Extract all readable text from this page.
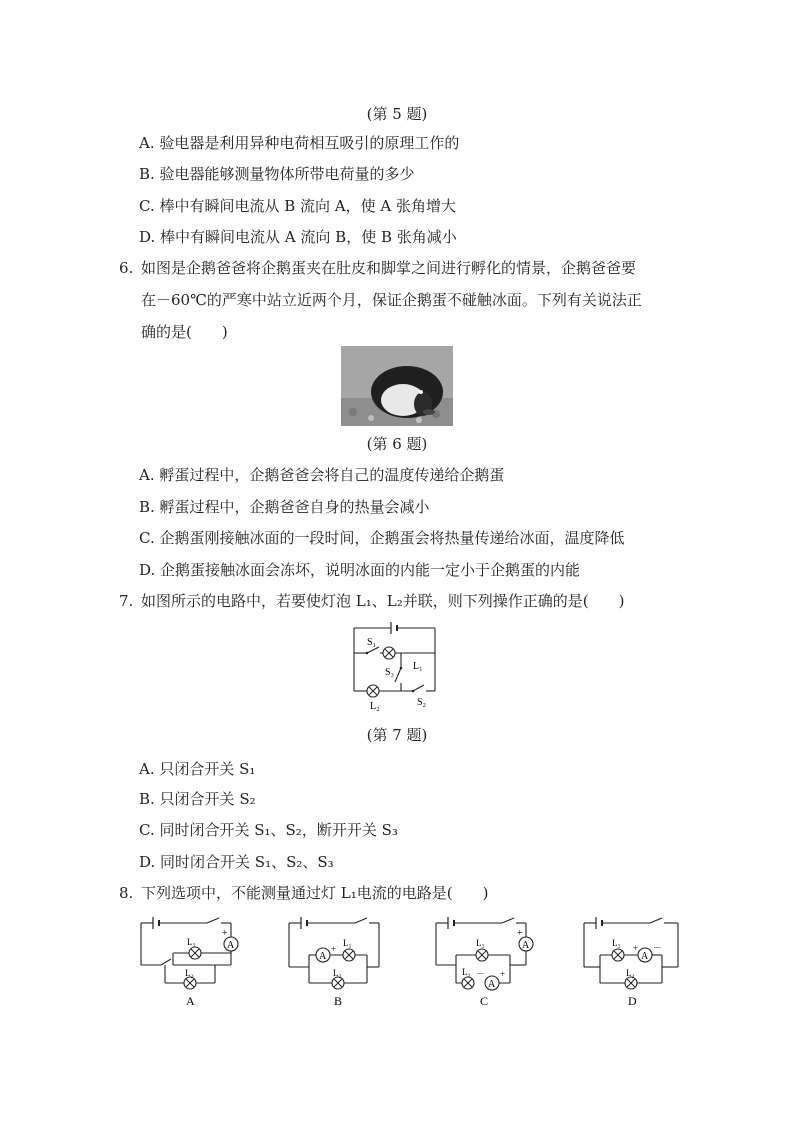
(第 5 题)
A. 验电器是利用异种电荷相互吸引的原理工作的
B. 验电器能够测量物体所带电荷量的多少
C. 棒中有瞬间电流从 B 流向 A，使 A 张角增大
D. 棒中有瞬间电流从 A 流向 B，使 B 张角减小
6. 如图是企鹅爸爸将企鹅蛋夹在肚皮和脚掌之间进行孵化的情景，企鹅爸爸要
在－60℃的严寒中站立近两个月，保证企鹅蛋不碰触冰面。下列有关说法正
确的是(　　)
(第 6 题)
A. 孵蛋过程中，企鹅爸爸会将自己的温度传递给企鹅蛋
B. 孵蛋过程中，企鹅爸爸自身的热量会减小
C. 企鹅蛋刚接触冰面的一段时间，企鹅蛋会将热量传递给冰面，温度降低
D. 企鹅蛋接触冰面会冻坏，说明冰面的内能一定小于企鹅蛋的内能
7. 如图所示的电路中，若要使灯泡 L₁、L₂并联，则下列操作正确的是(　　)
S₁
L₁
S₃
L₂	S₂
(第 7 题)
A. 只闭合开关 S₁
B. 只闭合开关 S₂
C. 同时闭合开关 S₁、S₂，断开开关 S₃
D. 同时闭合开关 S₁、S₂、S₃
8. 下列选项中，不能测量通过灯 L₁电流的电路是(　　)
A
+
L₁
L₂
A
A
+
L₁
L₂
B
A
+
A
－ +
L₁
L₂
C
A
+ －
L₁
L₂
D
